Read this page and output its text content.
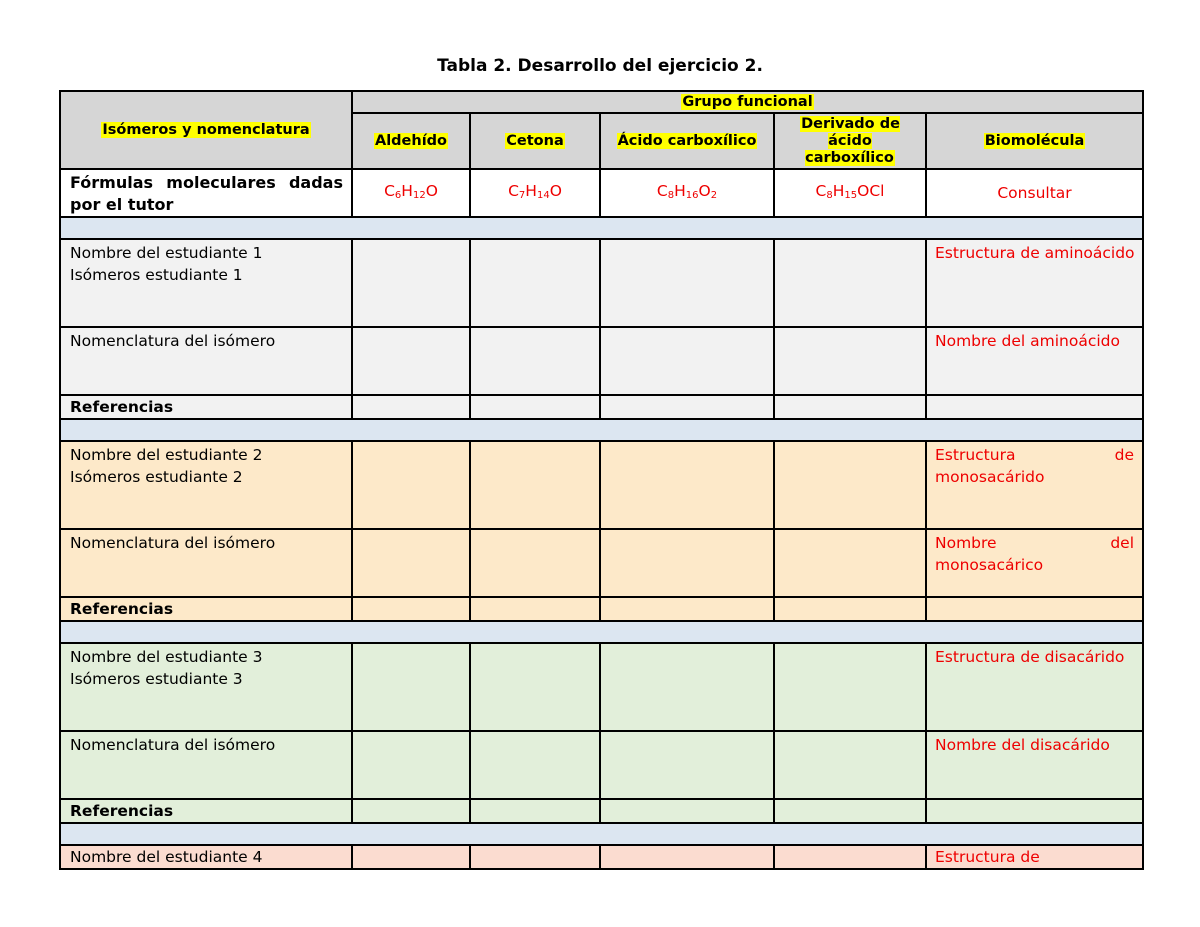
Tabla 2. Desarrollo del ejercicio 2.
Isómeros y nomenclatura	Grupo funcional				
	Aldehído	Cetona	Ácido carboxílico	Derivado de ácido carboxílico	Biomolécula
Fórmulas moleculares dadas por el tutor	$C_6H_{12}O$	$C_7H_{14}O$	$C_8H_{16}O_2$	$C_8H_{15}OCl$	Consultar

Nombre del estudiante 1
Isómeros estudiante 1					Estructura de aminoácido

Nomenclatura del isómero					Nombre del aminoácido

Referencias					

Nombre del estudiante 2
Isómeros estudiante 2					Estructura de monosacárido

Nomenclatura del isómero					Nombre del monosacárico

Referencias					

Nombre del estudiante 3
Isómeros estudiante 3					Estructura de disacárido

Nomenclatura del isómero					Nombre del disacárido

Referencias					

Nombre del estudiante 4					Estructura de
